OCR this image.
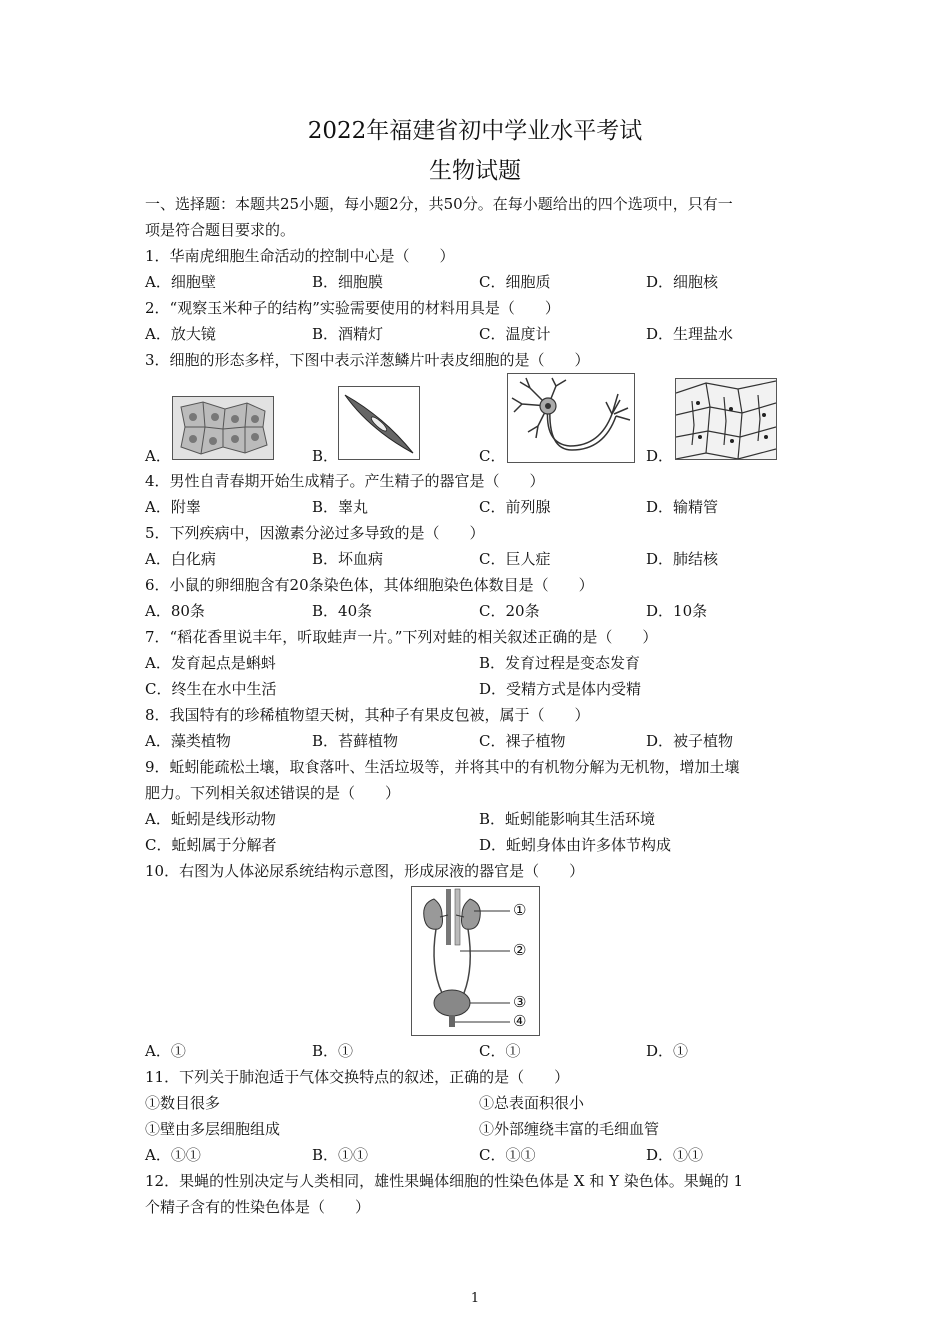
2022年福建省初中学业水平考试
生物试题
一、选择题：本题共25小题，每小题2分，共50分。在每小题给出的四个选项中，只有一
项是符合题目要求的。
1．华南虎细胞生命活动的控制中心是（　　）
A．细胞壁	B．细胞膜	C．细胞质	D．细胞核
2．“观察玉米种子的结构”实验需要使用的材料用具是（　　）
A．放大镜	B．酒精灯	C．温度计	D．生理盐水
3．细胞的形态多样，下图中表示洋葱鳞片叶表皮细胞的是（　　）
A．	B．	C．	D．
4．男性自青春期开始生成精子。产生精子的器官是（　　）
A．附睾	B．睾丸	C．前列腺	D．输精管
5．下列疾病中，因激素分泌过多导致的是（　　）
A．白化病	B．坏血病	C．巨人症	D．肺结核
6．小鼠的卵细胞含有20条染色体，其体细胞染色体数目是（　　）
A．80条	B．40条	C．20条	D．10条
7．“稻花香里说丰年，听取蛙声一片。”下列对蛙的相关叙述正确的是（　　）
A．发育起点是蝌蚪	B．发育过程是变态发育
C．终生在水中生活	D．受精方式是体内受精
8．我国特有的珍稀植物望天树，其种子有果皮包被，属于（　　）
A．藻类植物	B．苔藓植物	C．裸子植物	D．被子植物
9．蚯蚓能疏松土壤，取食落叶、生活垃圾等，并将其中的有机物分解为无机物，增加土壤
肥力。下列相关叙述错误的是（　　）
A．蚯蚓是线形动物	B．蚯蚓能影响其生活环境
C．蚯蚓属于分解者	D．蚯蚓身体由许多体节构成
10．右图为人体泌尿系统结构示意图，形成尿液的器官是（　　）
①
②
③
④
A．①	B．①	C．①	D．①
11．下列关于肺泡适于气体交换特点的叙述，正确的是（　　）
①数目很多	①总表面积很小
①壁由多层细胞组成	①外部缠绕丰富的毛细血管
A．①①	B．①①	C．①①	D．①①
12．果蝇的性别决定与人类相同，雄性果蝇体细胞的性染色体是 X 和 Y 染色体。果蝇的 1
个精子含有的性染色体是（　　）
1
